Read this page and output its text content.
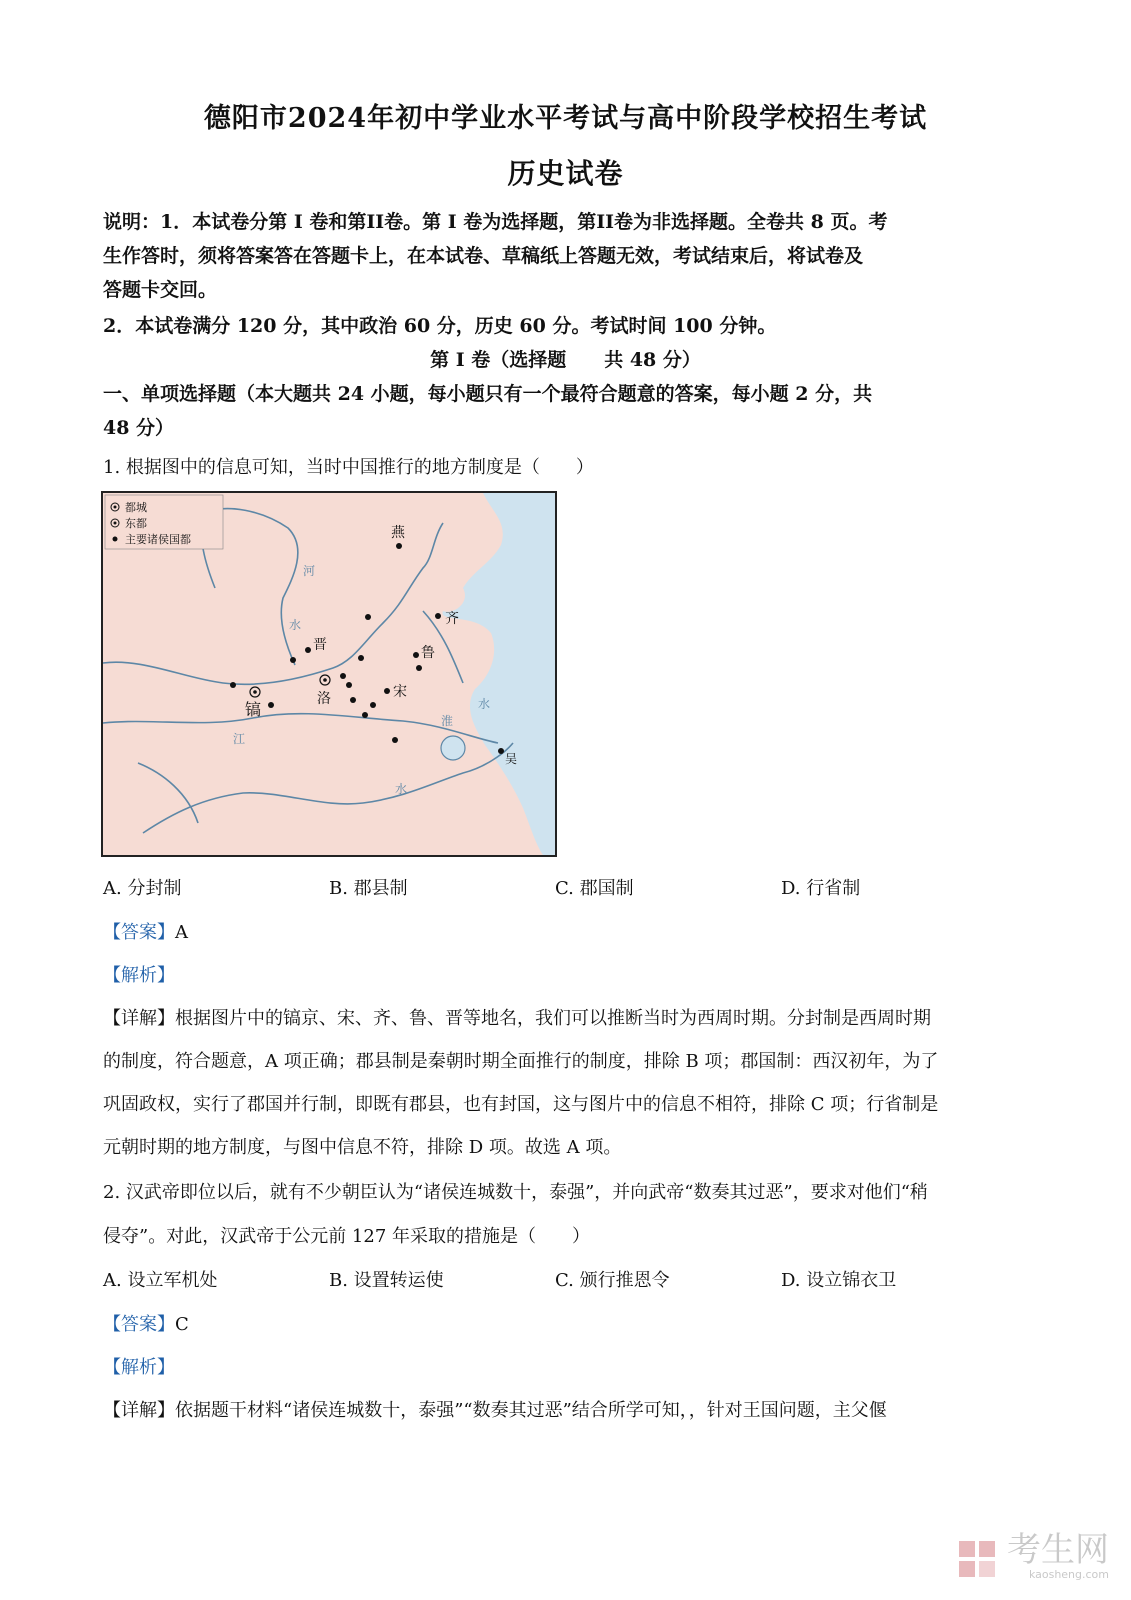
德阳市2024年初中学业水平考试与高中阶段学校招生考试
历史试卷
说明：1．本试卷分第 I 卷和第II卷。第 I 卷为选择题，第II卷为非选择题。全卷共 8 页。考
生作答时，须将答案答在答题卡上，在本试卷、草稿纸上答题无效，考试结束后，将试卷及
答题卡交回。
2．本试卷满分 120 分，其中政治 60 分，历史 60 分。考试时间 100 分钟。
第 I 卷（选择题　　共 48 分）
一、单项选择题（本大题共 24 小题，每小题只有一个最符合题意的答案，每小题 2 分，共
48 分）
1. 根据图中的信息可知，当时中国推行的地方制度是（　　）
都城
东都
主要诸侯国都	燕
齐
晋	鲁
洛	宋
镐
吴
河
水
江
水
淮
水
A. 分封制	B. 郡县制	C. 郡国制	D. 行省制
【答案】A
【解析】
【详解】根据图片中的镐京、宋、齐、鲁、晋等地名，我们可以推断当时为西周时期。分封制是西周时期
的制度，符合题意，A 项正确；郡县制是秦朝时期全面推行的制度，排除 B 项；郡国制：西汉初年，为了
巩固政权，实行了郡国并行制，即既有郡县，也有封国，这与图片中的信息不相符，排除 C 项；行省制是
元朝时期的地方制度，与图中信息不符，排除 D 项。故选 A 项。
2. 汉武帝即位以后，就有不少朝臣认为“诸侯连城数十，泰强”，并向武帝“数奏其过恶”，要求对他们“稍
侵夺”。对此，汉武帝于公元前 127 年采取的措施是（　　）
A. 设立军机处	B. 设置转运使	C. 颁行推恩令	D. 设立锦衣卫
【答案】C
【解析】
【详解】依据题干材料“诸侯连城数十，泰强”“数奏其过恶”结合所学可知，，针对王国问题，主父偃
考生网
kaosheng.com
